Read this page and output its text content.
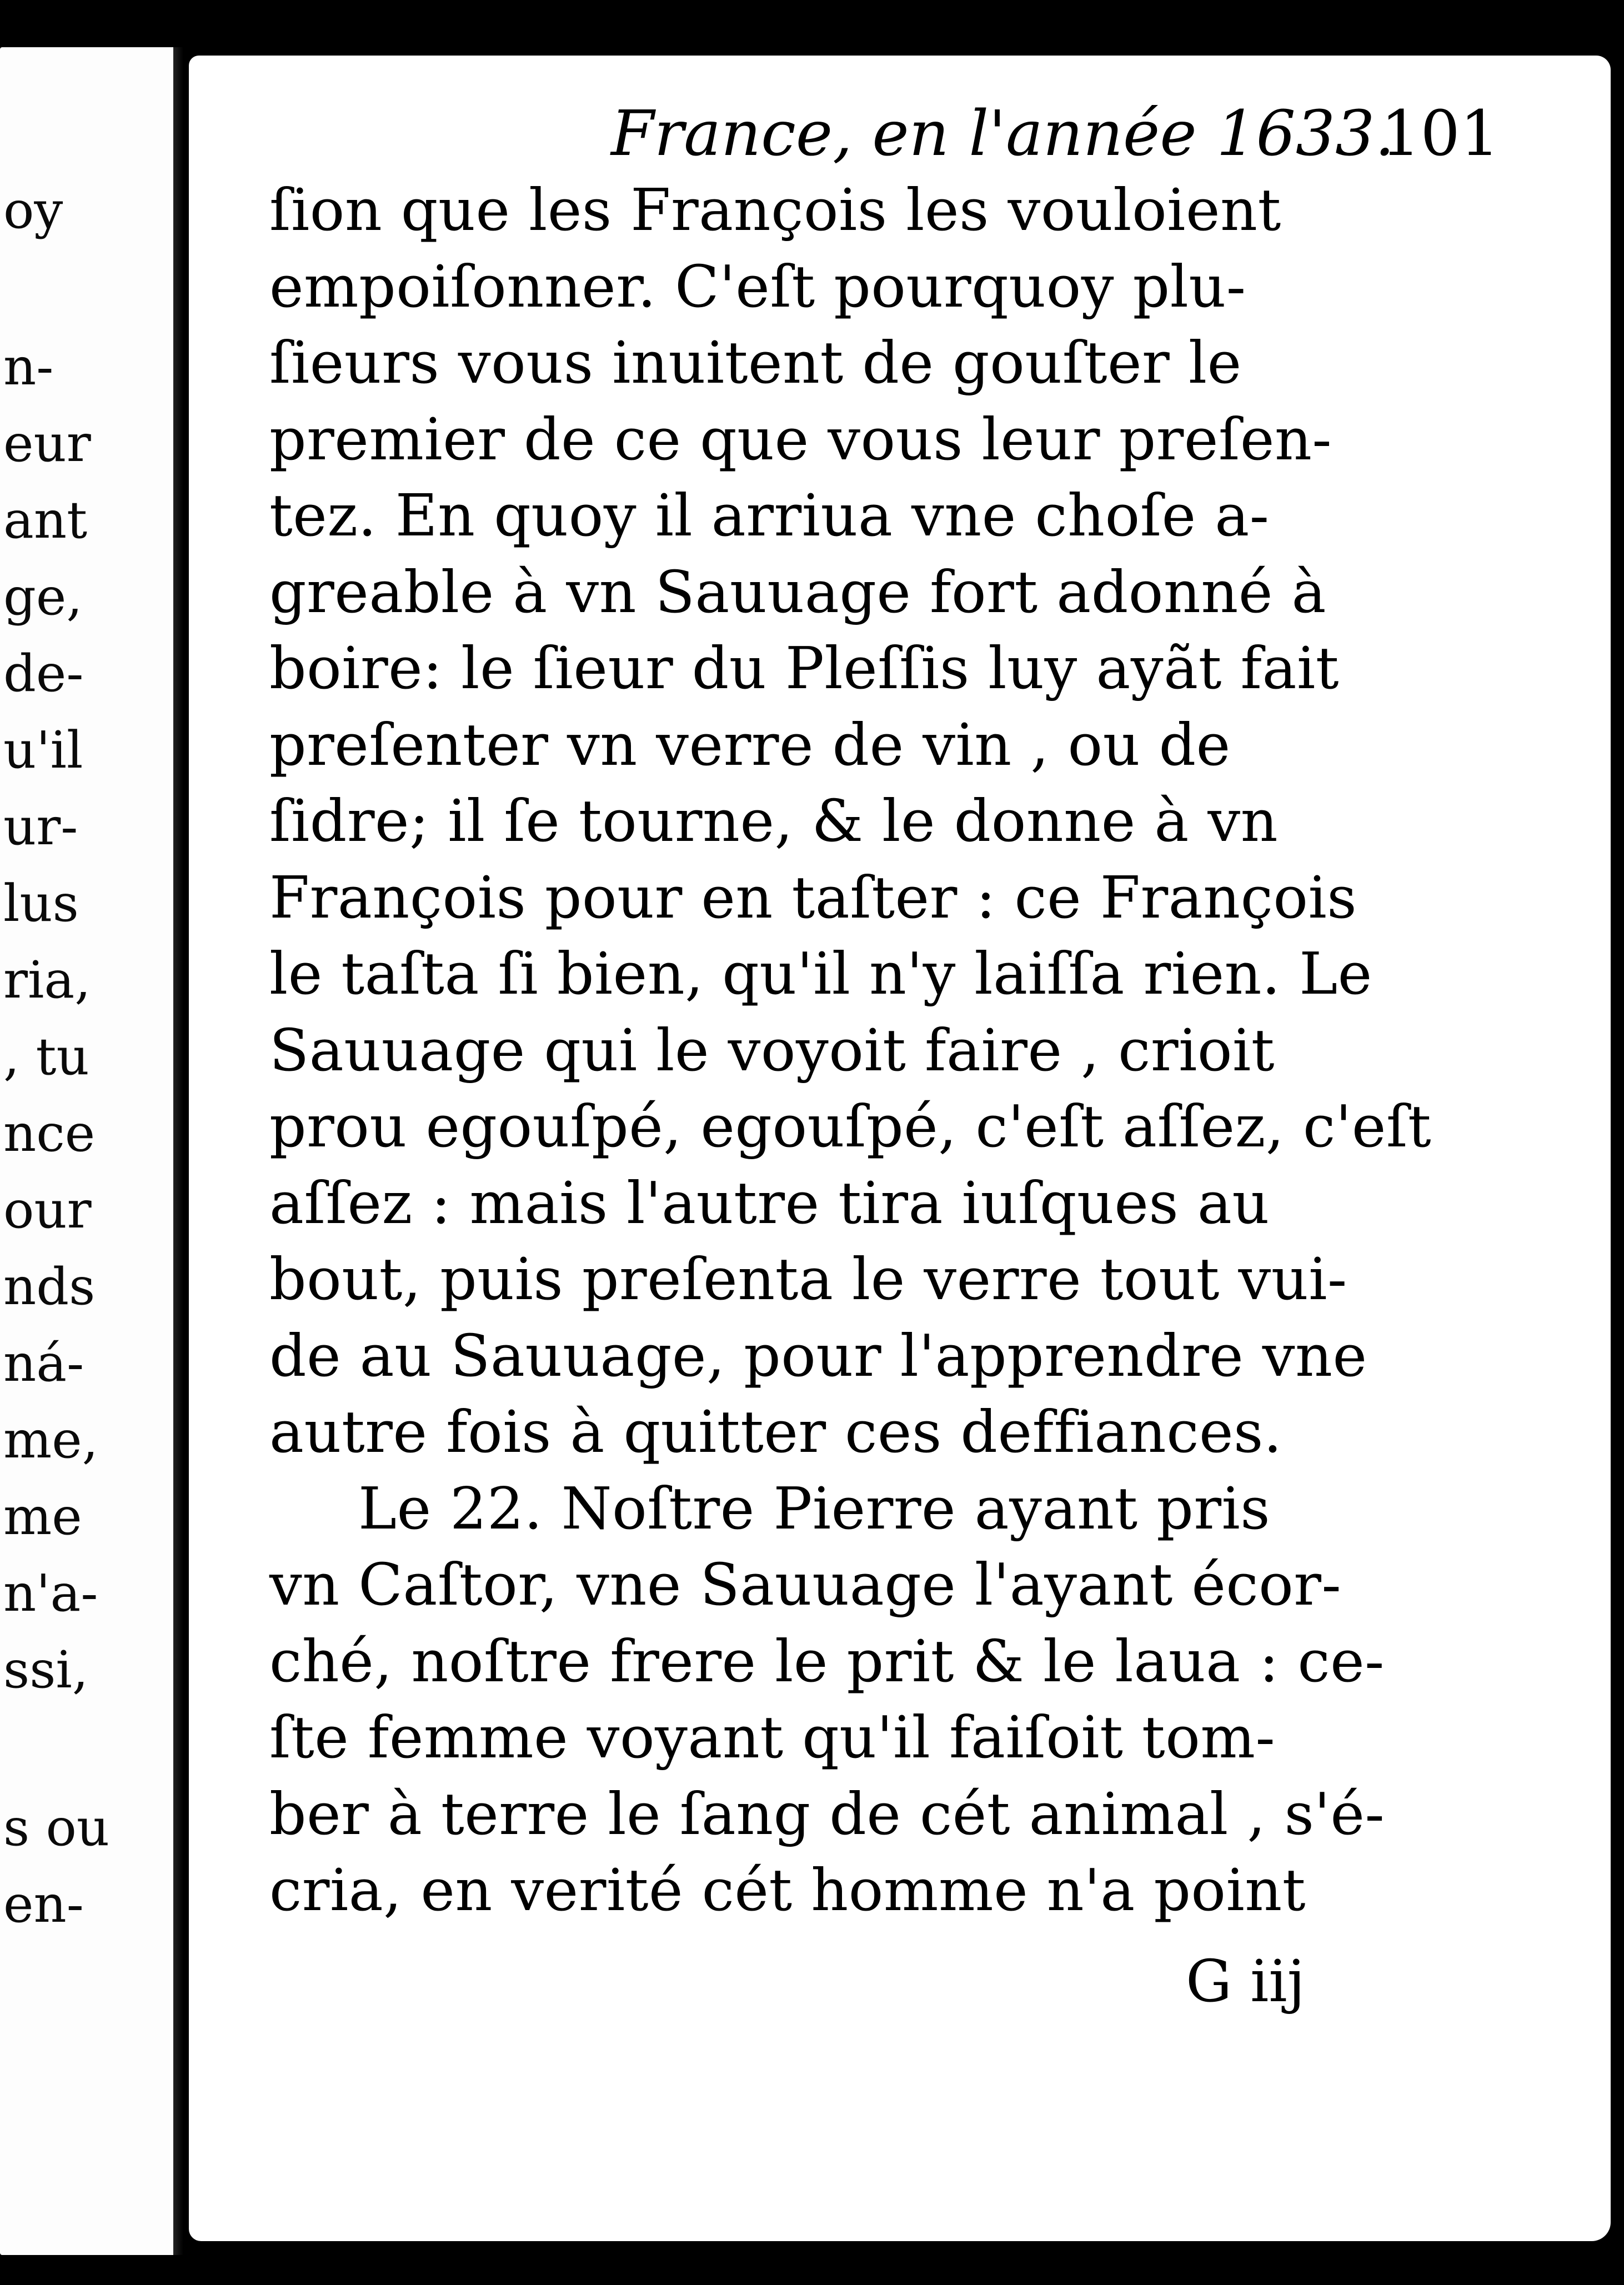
oy
n-
eur
ant
ge,
de-
u'il
ur-
lus
ria,
, tu
nce
our
nds
ná-
me,
me
n'a-
ssi,
s ou
en-
France, en l'année 1633.
101
ſion que les François les vouloient
empoiſonner. C'eſt pourquoy plu-
ſieurs vous inuitent de gouſter le
premier de ce que vous leur preſen-
tez. En quoy il arriua vne choſe a-
greable à vn Sauuage fort adonné à
boire: le ſieur du Pleſſis luy ayãt fait
preſenter vn verre de vin , ou de
ſidre; il ſe tourne, & le donne à vn
François pour en taſter : ce François
le taſta ſi bien, qu'il n'y laiſſa rien. Le
Sauuage qui le voyoit faire , crioit
prou egouſpé, egouſpé, c'eſt aſſez, c'eſt
aſſez : mais l'autre tira iuſques au
bout, puis preſenta le verre tout vui-
de au Sauuage, pour l'apprendre vne
autre fois à quitter ces deffiances.
Le 22. Noſtre Pierre ayant pris
vn Caſtor, vne Sauuage l'ayant écor-
ché, noſtre frere le prit & le laua : ce-
ſte femme voyant qu'il faiſoit tom-
ber à terre le ſang de cét animal , s'é-
cria, en verité cét homme n'a point
G iij
